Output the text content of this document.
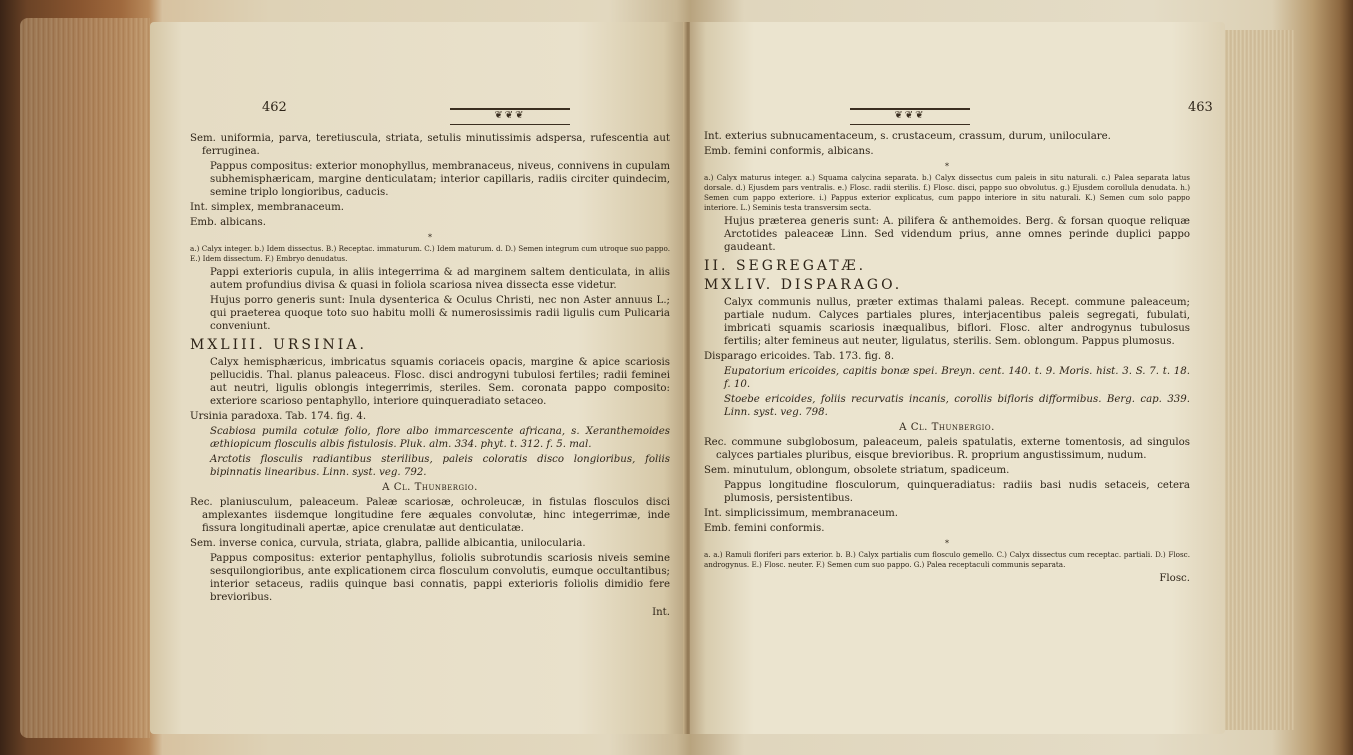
462
❦❦❦

Sem. uniformia, parva, teretiuscula, striata, setulis minutissimis adspersa, rufescentia aut ferruginea.

Pappus compositus: exterior monophyllus, membranaceus, niveus, connivens in cupulam subhemisphæricam, margine denticulatam; interior capillaris, radiis circiter quindecim, semine triplo longioribus, caducis.

Int. simplex, membranaceum.

Emb. albicans.

*

a.) Calyx integer. b.) Idem dissectus. B.) Receptac. immaturum. C.) Idem maturum. d. D.) Semen integrum cum utroque suo pappo. E.) Idem dissectum. F.) Embryo denudatus.

Pappi exterioris cupula, in aliis integerrima & ad marginem saltem denticulata, in aliis autem profundius divisa & quasi in foliola scariosa nivea dissecta esse videtur.

Hujus porro generis sunt: Inula dysenterica & Oculus Christi, nec non Aster annuus L.; qui praeterea quoque toto suo habitu molli & numerosissimis radii ligulis cum Pulicaria conveniunt.

MXLIII. URSINIA.

Calyx hemisphæricus, imbricatus squamis coriaceis opacis, margine & apice scariosis pellucidis. Thal. planus paleaceus. Flosc. disci androgyni tubulosi fertiles; radii feminei aut neutri, ligulis oblongis integerrimis, steriles. Sem. coronata pappo composito: exteriore scarioso pentaphyllo, interiore quinqueradiato setaceo.

Ursinia paradoxa. Tab. 174. fig. 4.

Scabiosa pumila cotulæ folio, flore albo immarcescente africana, s. Xeranthemoides æthiopicum flosculis albis fistulosis. Pluk. alm. 334. phyt. t. 312. f. 5. mal.

Arctotis flosculis radiantibus sterilibus, paleis coloratis disco longioribus, foliis bipinnatis linearibus. Linn. syst. veg. 792.

A Cl. Thunbergio.

Rec. planiusculum, paleaceum. Paleæ scariosæ, ochroleucæ, in fistulas flosculos disci amplexantes iisdemque longitudine fere æquales convolutæ, hinc integerrimæ, inde fissura longitudinali apertæ, apice crenulatæ aut denticulatæ.

Sem. inverse conica, curvula, striata, glabra, pallide albicantia, unilocularia.

Pappus compositus: exterior pentaphyllus, foliolis subrotundis scariosis niveis semine sesquilongioribus, ante explicationem circa flosculum convolutis, eumque occultantibus; interior setaceus, radiis quinque basi connatis, pappi exterioris foliolis dimidio fere brevioribus.

Int.

❦❦❦
463

Int. exterius subnucamentaceum, s. crustaceum, crassum, durum, uniloculare.

Emb. femini conformis, albicans.

*

a.) Calyx maturus integer. a.) Squama calycina separata. b.) Calyx dissectus cum paleis in situ naturali. c.) Palea separata latus dorsale. d.) Ejusdem pars ventralis. e.) Flosc. radii sterilis. f.) Flosc. disci, pappo suo obvolutus. g.) Ejusdem corollula denudata. h.) Semen cum pappo exteriore. i.) Pappus exterior explicatus, cum pappo interiore in situ naturali. K.) Semen cum solo pappo interiore. L.) Seminis testa transversim secta.

Hujus præterea generis sunt: A. pilifera & anthemoides. Berg. & forsan quoque reliquæ Arctotides paleaceæ Linn. Sed videndum prius, anne omnes perinde duplici pappo gaudeant.

II. SEGREGATÆ.

MXLIV. DISPARAGO.

Calyx communis nullus, præter extimas thalami paleas. Recept. commune paleaceum; partiale nudum. Calyces partiales plures, interjacentibus paleis segregati, fubulati, imbricati squamis scariosis inæqualibus, biflori. Flosc. alter androgynus tubulosus fertilis; alter femineus aut neuter, ligulatus, sterilis. Sem. oblongum. Pappus plumosus.

Disparago ericoides. Tab. 173. fig. 8.

Eupatorium ericoides, capitis bonæ spei. Breyn. cent. 140. t. 9. Moris. hist. 3. S. 7. t. 18. f. 10.

Stoebe ericoides, foliis recurvatis incanis, corollis bifloris difformibus. Berg. cap. 339. Linn. syst. veg. 798.

A Cl. Thunbergio.

Rec. commune subglobosum, paleaceum, paleis spatulatis, externe tomentosis, ad singulos calyces partiales pluribus, eisque brevioribus. R. proprium angustissimum, nudum.

Sem. minutulum, oblongum, obsolete striatum, spadiceum.

Pappus longitudine flosculorum, quinqueradiatus: radiis basi nudis setaceis, cetera plumosis, persistentibus.

Int. simplicissimum, membranaceum.

Emb. femini conformis.

*

a. a.) Ramuli floriferi pars exterior. b. B.) Calyx partialis cum flosculo gemello. C.) Calyx dissectus cum receptac. partiali. D.) Flosc. androgynus. E.) Flosc. neuter. F.) Semen cum suo pappo. G.) Palea receptaculi communis separata.

Flosc.
